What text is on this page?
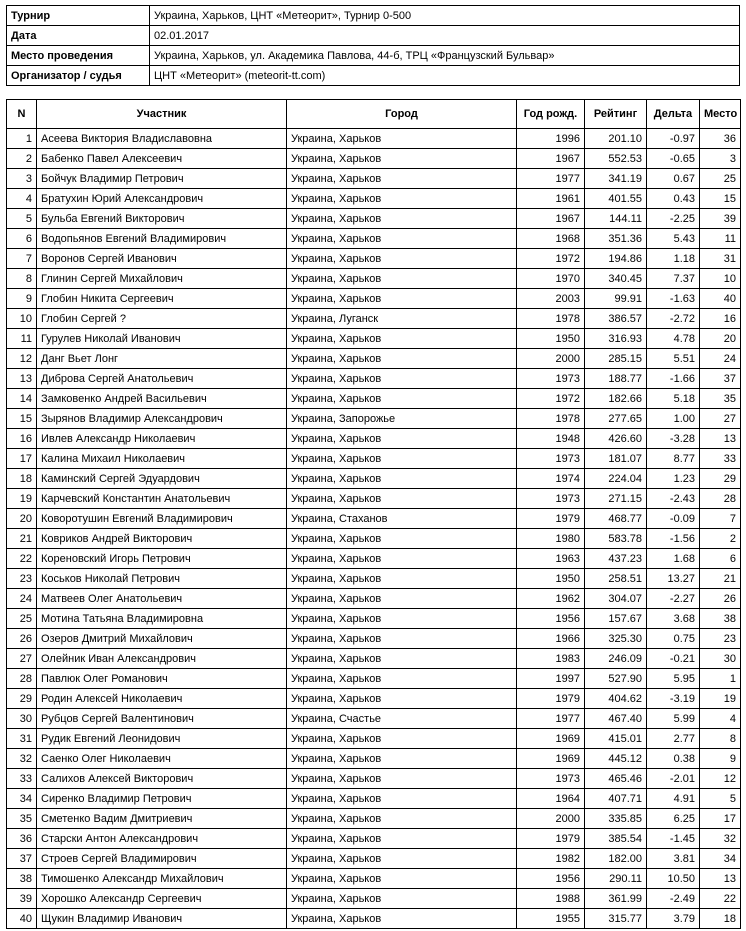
Турнир	Украина, Харьков, ЦНТ «Метеорит», Турнир 0-500
Дата	02.01.2017
Место проведения	Украина, Харьков, ул. Академика Павлова, 44-б, ТРЦ «Французский Бульвар»
Организатор / судья	ЦНТ «Метеорит» (meteorit-tt.com)
N	Участник	Город	Год рожд.	Рейтинг	Дельта	Место
1	Асеева Виктория Владиславовна	Украина, Харьков	1996	201.10	-0.97	36
2	Бабенко Павел Алексеевич	Украина, Харьков	1967	552.53	-0.65	3
3	Бойчук Владимир Петрович	Украина, Харьков	1977	341.19	0.67	25
4	Братухин Юрий Александрович	Украина, Харьков	1961	401.55	0.43	15
5	Бульба Евгений Викторович	Украина, Харьков	1967	144.11	-2.25	39
6	Водопьянов Евгений Владимирович	Украина, Харьков	1968	351.36	5.43	11
7	Воронов Сергей Иванович	Украина, Харьков	1972	194.86	1.18	31
8	Глинин Сергей Михайлович	Украина, Харьков	1970	340.45	7.37	10
9	Глобин Никита Сергеевич	Украина, Харьков	2003	99.91	-1.63	40
10	Глобин Сергей ?	Украина, Луганск	1978	386.57	-2.72	16
11	Гурулев Николай Иванович	Украина, Харьков	1950	316.93	4.78	20
12	Данг Вьет Лонг	Украина, Харьков	2000	285.15	5.51	24
13	Диброва Сергей Анатольевич	Украина, Харьков	1973	188.77	-1.66	37
14	Замковенко Андрей Васильевич	Украина, Харьков	1972	182.66	5.18	35
15	Зырянов Владимир Александрович	Украина, Запорожье	1978	277.65	1.00	27
16	Ивлев Александр Николаевич	Украина, Харьков	1948	426.60	-3.28	13
17	Калина Михаил Николаевич	Украина, Харьков	1973	181.07	8.77	33
18	Каминский Сергей Эдуардович	Украина, Харьков	1974	224.04	1.23	29
19	Карчевский Константин Анатольевич	Украина, Харьков	1973	271.15	-2.43	28
20	Коворотушин Евгений Владимирович	Украина, Стаханов	1979	468.77	-0.09	7
21	Ковриков Андрей Викторович	Украина, Харьков	1980	583.78	-1.56	2
22	Кореновский Игорь Петрович	Украина, Харьков	1963	437.23	1.68	6
23	Коськов Николай Петрович	Украина, Харьков	1950	258.51	13.27	21
24	Матвеев Олег Анатольевич	Украина, Харьков	1962	304.07	-2.27	26
25	Мотина Татьяна Владимировна	Украина, Харьков	1956	157.67	3.68	38
26	Озеров Дмитрий Михайлович	Украина, Харьков	1966	325.30	0.75	23
27	Олейник Иван Александрович	Украина, Харьков	1983	246.09	-0.21	30
28	Павлюк Олег Романович	Украина, Харьков	1997	527.90	5.95	1
29	Родин Алексей Николаевич	Украина, Харьков	1979	404.62	-3.19	19
30	Рубцов Сергей Валентинович	Украина, Счастье	1977	467.40	5.99	4
31	Рудик Евгений Леонидович	Украина, Харьков	1969	415.01	2.77	8
32	Саенко Олег Николаевич	Украина, Харьков	1969	445.12	0.38	9
33	Салихов Алексей Викторович	Украина, Харьков	1973	465.46	-2.01	12
34	Сиренко Владимир Петрович	Украина, Харьков	1964	407.71	4.91	5
35	Сметенко Вадим Дмитриевич	Украина, Харьков	2000	335.85	6.25	17
36	Старски Антон Александрович	Украина, Харьков	1979	385.54	-1.45	32
37	Строев Сергей Владимирович	Украина, Харьков	1982	182.00	3.81	34
38	Тимошенко Александр Михайлович	Украина, Харьков	1956	290.11	10.50	13
39	Хорошко Александр Сергеевич	Украина, Харьков	1988	361.99	-2.49	22
40	Щукин Владимир Иванович	Украина, Харьков	1955	315.77	3.79	18
